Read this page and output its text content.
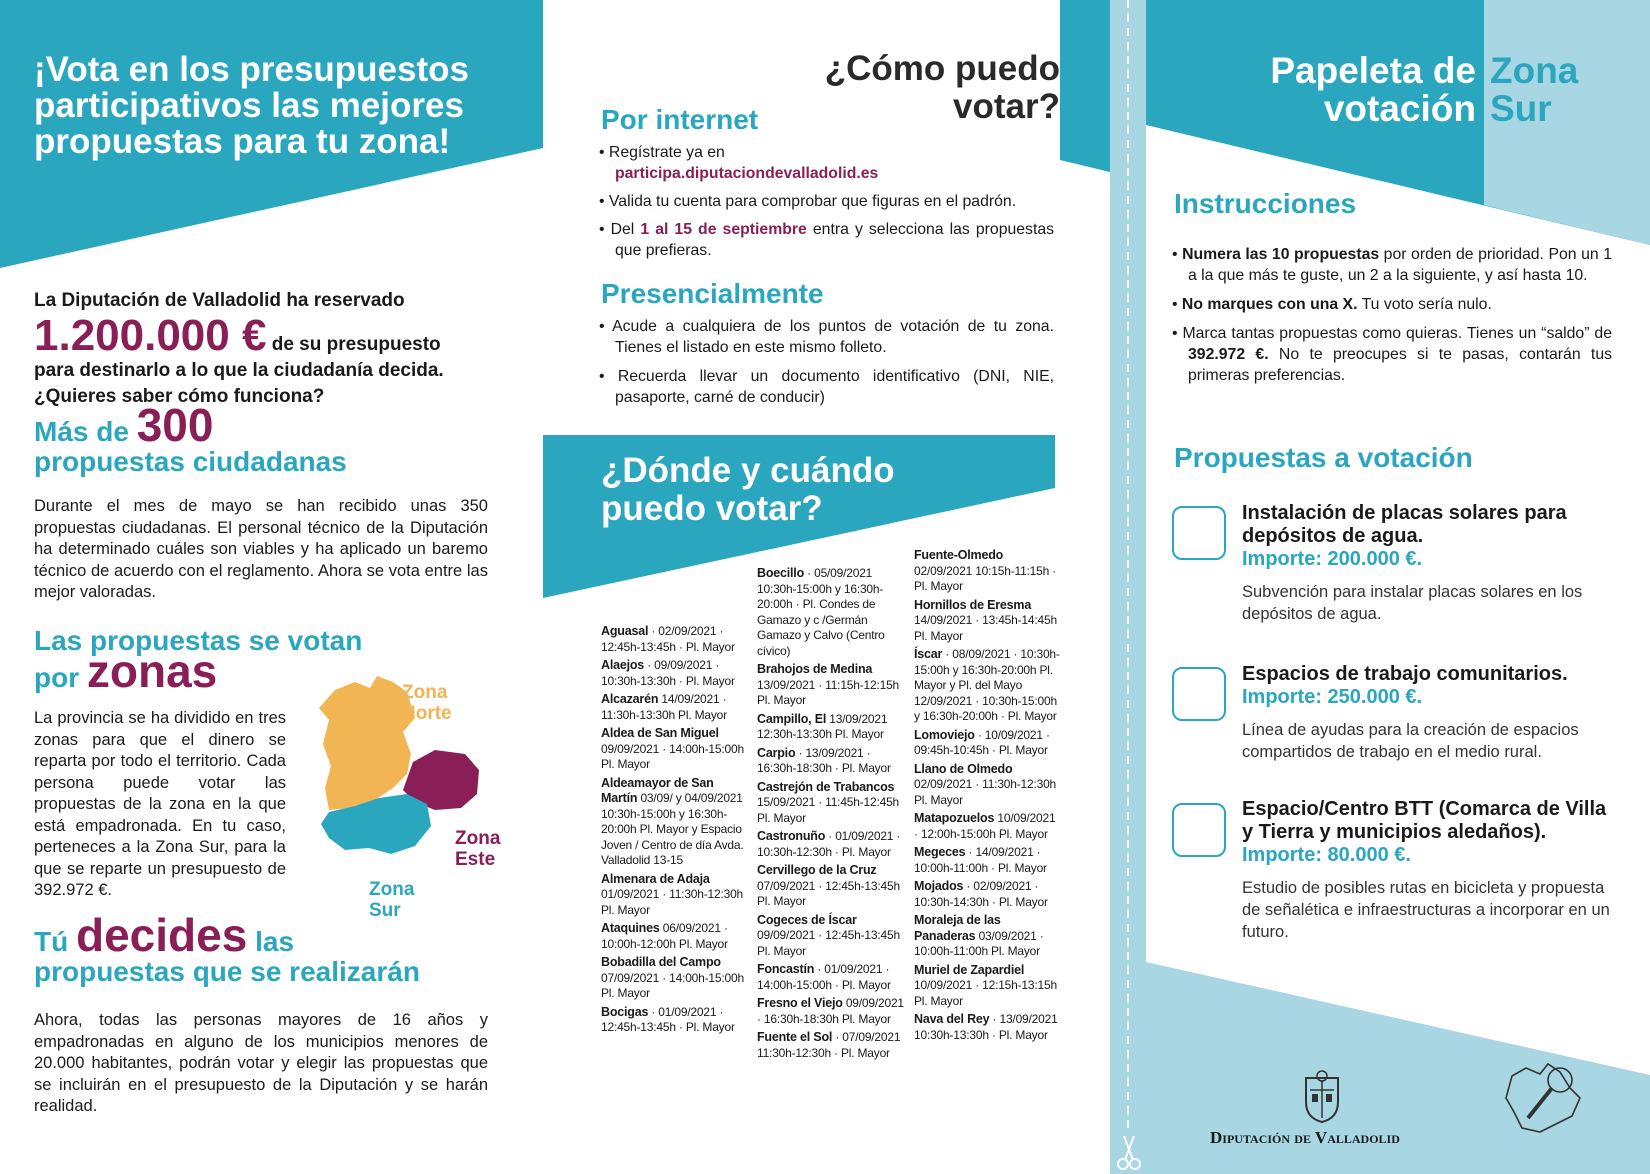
¡Vota en los presupuestos participativos las mejores propuestas para tu zona!
La Diputación de Valladolid ha reservado
1.200.000 € de su presupuesto
para destinarlo a lo que la ciudadanía decida. ¿Quieres saber cómo funciona?
Más de 300
propuestas ciudadanas
Durante el mes de mayo se han recibido unas 350 propuestas ciudadanas. El personal técnico de la Diputación ha determinado cuáles son viables y ha aplicado un baremo técnico de acuerdo con el reglamento. Ahora se vota entre las mejor valoradas.
Las propuestas se votan
por zonas
La provincia se ha dividido en tres zonas para que el dinero se reparta por todo el territorio. Cada persona puede votar las propuestas de la zona en la que está empadronada. En tu caso, perteneces a la Zona Sur, para la que se reparte un presupuesto de 392.972 €.
Zona
Norte
Zona
Este
Zona
Sur
Tú decides las
propuestas que se realizarán
Ahora, todas las personas mayores de 16 años y empadronadas en alguno de los municipios menores de 20.000 habitantes, podrán votar y elegir las propuestas que se incluirán en el presupuesto de la Diputación y se harán realidad.
¿Cómo puedo votar?
Por internet
• Regístrate ya en
participa.diputaciondevalladolid.es
• Valida tu cuenta para comprobar que figuras en el padrón.
• Del 1 al 15 de septiembre entra y selecciona las propuestas que prefieras.
Presencialmente
• Acude a cualquiera de los puntos de votación de tu zona. Tienes el listado en este mismo folleto.
• Recuerda llevar un documento identificativo (DNI, NIE, pasaporte, carné de conducir)
¿Dónde y cuándo puedo votar?
Aguasal · 02/09/2021 · 12:45h-13:45h · Pl. Mayor
Alaejos · 09/09/2021 · 10:30h-13:30h · Pl. Mayor
Alcazarén 14/09/2021 · 11:30h-13:30h Pl. Mayor
Aldea de San Miguel 09/09/2021 · 14:00h-15:00h Pl. Mayor
Aldeamayor de San Martín 03/09/ y 04/09/2021 10:30h-15:00h y 16:30h-20:00h Pl. Mayor y Espacio Joven / Centro de día Avda. Valladolid 13-15
Almenara de Adaja 01/09/2021 · 11:30h-12:30h Pl. Mayor
Ataquines 06/09/2021 · 10:00h-12:00h Pl. Mayor
Bobadilla del Campo 07/09/2021 · 14:00h-15:00h Pl. Mayor
Bocigas · 01/09/2021 · 12:45h-13:45h · Pl. Mayor
Boecillo · 05/09/2021 10:30h-15:00h y 16:30h-20:00h · Pl. Condes de Gamazo y c /Germán Gamazo y Calvo (Centro cívico)
Brahojos de Medina 13/09/2021 · 11:15h-12:15h Pl. Mayor
Campillo, El 13/09/2021 12:30h-13:30h Pl. Mayor
Carpio · 13/09/2021 · 16:30h-18:30h · Pl. Mayor
Castrejón de Trabancos 15/09/2021 · 11:45h-12:45h Pl. Mayor
Castronuño · 01/09/2021 · 10:30h-12:30h · Pl. Mayor
Cervillego de la Cruz 07/09/2021 · 12:45h-13:45h Pl. Mayor
Cogeces de Íscar 09/09/2021 · 12:45h-13:45h Pl. Mayor
Foncastín · 01/09/2021 · 14:00h-15:00h · Pl. Mayor
Fresno el Viejo 09/09/2021 · 16:30h-18:30h Pl. Mayor
Fuente el Sol · 07/09/2021 11:30h-12:30h · Pl. Mayor
Fuente-Olmedo 02/09/2021 10:15h-11:15h · Pl. Mayor
Hornillos de Eresma 14/09/2021 · 13:45h-14:45h Pl. Mayor
Íscar · 08/09/2021 · 10:30h-15:00h y 16:30h-20:00h Pl. Mayor y Pl. del Mayo 12/09/2021 · 10:30h-15:00h y 16:30h-20:00h · Pl. Mayor
Lomoviejo · 10/09/2021 · 09:45h-10:45h · Pl. Mayor
Llano de Olmedo 02/09/2021 · 11:30h-12:30h Pl. Mayor
Matapozuelos 10/09/2021 · 12:00h-15:00h Pl. Mayor
Megeces · 14/09/2021 · 10:00h-11:00h · Pl. Mayor
Mojados · 02/09/2021 · 10:30h-14:30h · Pl. Mayor
Moraleja de las Panaderas 03/09/2021 · 10:00h-11:00h Pl. Mayor
Muriel de Zapardiel 10/09/2021 · 12:15h-13:15h Pl. Mayor
Nava del Rey · 13/09/2021 10:30h-13:30h · Pl. Mayor
Papeleta de
votación
Zona
Sur
Instrucciones
• Numera las 10 propuestas por orden de prioridad. Pon un 1 a la que más te guste, un 2 a la siguiente, y así hasta 10.
• No marques con una X. Tu voto sería nulo.
• Marca tantas propuestas como quieras. Tienes un “saldo” de 392.972 €. No te preocupes si te pasas, contarán tus primeras preferencias.
Propuestas a votación
Instalación de placas solares para depósitos de agua.
Importe: 200.000 €.
Subvención para instalar placas solares en los depósitos de agua.
Espacios de trabajo comunitarios.
Importe: 250.000 €.
Línea de ayudas para la creación de espacios compartidos de trabajo en el medio rural.
Espacio/Centro BTT (Comarca de Villa y Tierra y municipios aledaños). Importe: 80.000 €.
Estudio de posibles rutas en bicicleta y propuesta de señalética e infraestructuras a incorporar en un futuro.
Diputación de Valladolid
